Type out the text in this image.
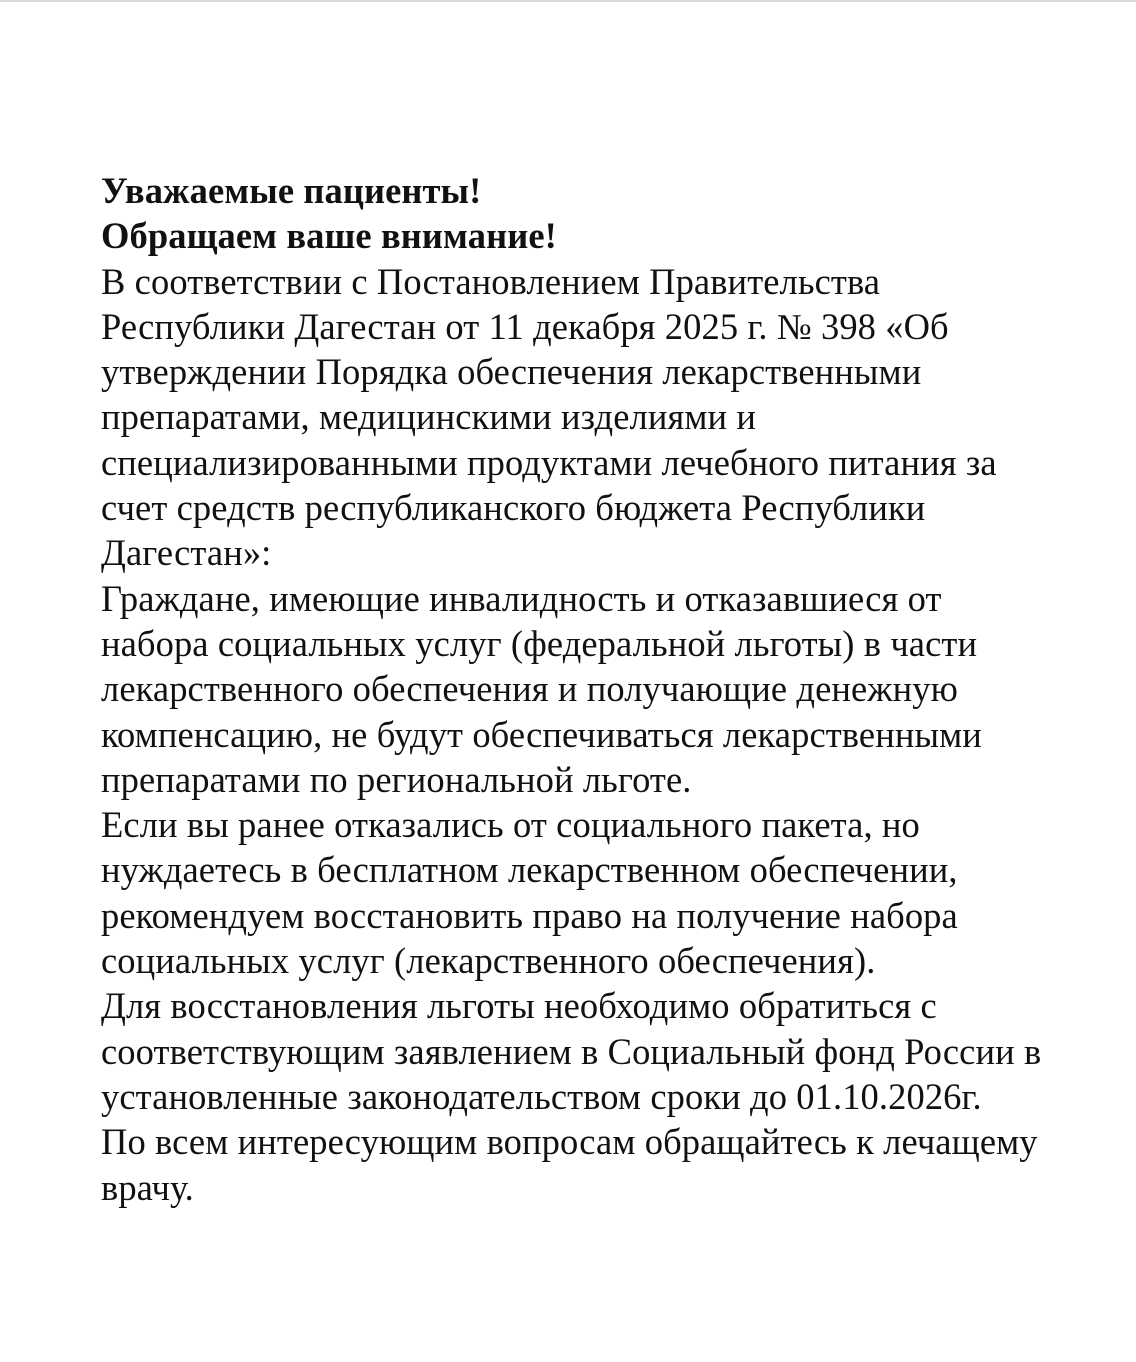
Уважаемые пациенты!
Обращаем ваше внимание!
В соответствии с Постановлением Правительства
Республики Дагестан от 11 декабря 2025 г. № 398 «Об
утверждении Порядка обеспечения лекарственными
препаратами, медицинскими изделиями и
специализированными продуктами лечебного питания за
счет средств республиканского бюджета Республики
Дагестан»:
Граждане, имеющие инвалидность и отказавшиеся от
набора социальных услуг (федеральной льготы) в части
лекарственного обеспечения и получающие денежную
компенсацию, не будут обеспечиваться лекарственными
препаратами по региональной льготе.
Если вы ранее отказались от социального пакета, но
нуждаетесь в бесплатном лекарственном обеспечении,
рекомендуем восстановить право на получение набора
социальных услуг (лекарственного обеспечения).
Для восстановления льготы необходимо обратиться с
соответствующим заявлением в Социальный фонд России в
установленные законодательством сроки до 01.10.2026г.
По всем интересующим вопросам обращайтесь к лечащему
врачу.
